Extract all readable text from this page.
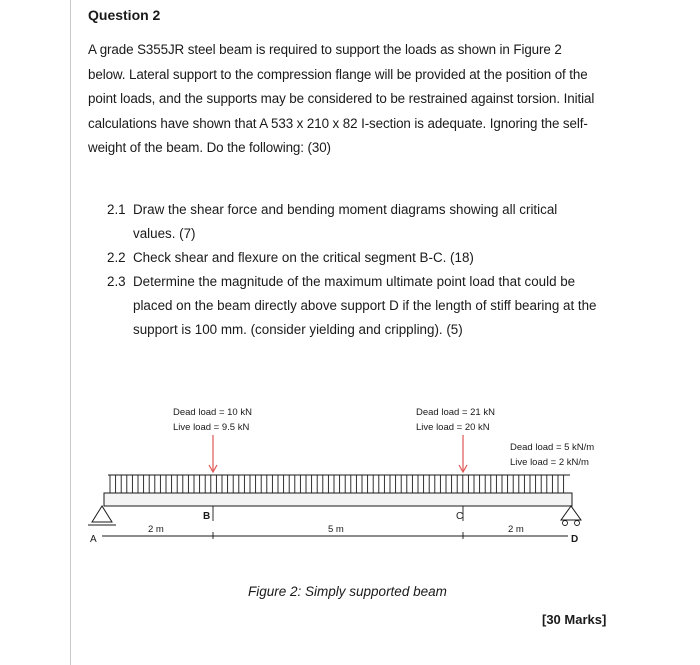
Question 2
A grade S355JR steel beam is required to support the loads as shown in Figure 2
below. Lateral support to the compression flange will be provided at the position of the
point loads, and the supports may be considered to be restrained against torsion. Initial
calculations have shown that A 533 x 210 x 82 I-section is adequate. Ignoring the self-
weight of the beam. Do the following: (30)
2.1 Draw the shear force and bending moment diagrams showing all critical
values. (7)
2.2 Check shear and flexure on the critical segment B-C. (18)
2.3 Determine the magnitude of the maximum ultimate point load that could be
placed on the beam directly above support D if the length of stiff bearing at the
support is 100 mm. (consider yielding and crippling). (5)
Dead load = 10 kN
Live load = 9.5 kN
Dead load = 21 kN
Live load = 20 kN
Dead load = 5 kN/m
Live load = 2 kN/m
B	C
A	D
2 m	5 m	2 m
Figure 2: Simply supported beam
[30 Marks]
